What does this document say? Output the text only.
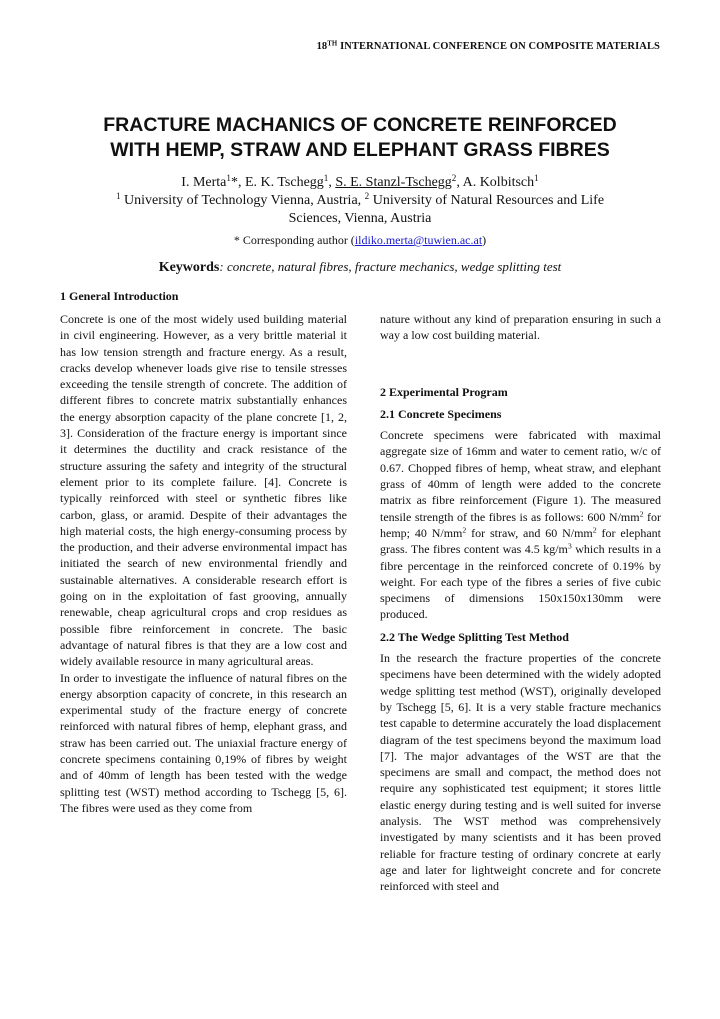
18TH INTERNATIONAL CONFERENCE ON COMPOSITE MATERIALS
FRACTURE MACHANICS OF CONCRETE REINFORCED
WITH HEMP, STRAW AND ELEPHANT GRASS FIBRES
I. Merta$^1$*, E. K. Tschegg$^1$, S. E. Stanzl-Tschegg$^2$, A. Kolbitsch$^1$
$^1$ University of Technology Vienna, Austria, $^2$ University of Natural Resources and Life
Sciences, Vienna, Austria
* Corresponding author (ildiko.merta@tuwien.ac.at)
Keywords: concrete, natural fibres, fracture mechanics, wedge splitting test
1 General Introduction

Concrete is one of the most widely used building material in civil engineering. However, as a very brittle material it has low tension strength and fracture energy. As a result, cracks develop whenever loads give rise to tensile stresses exceeding the tensile strength of concrete. The addition of different fibres to concrete matrix substantially enhances the energy absorption capacity of the plane concrete [1, 2, 3]. Consideration of the fracture energy is important since it determines the ductility and crack resistance of the structure assuring the safety and integrity of the structural element prior to its complete failure. [4]. Concrete is typically reinforced with steel or synthetic fibres like carbon, glass, or aramid. Despite of their advantages the high material costs, the high energy-consuming process by the production, and their adverse environmental impact has initiated the search of new environmental friendly and sustainable alternatives. A considerable research effort is going on in the exploitation of fast grooving, annually renewable, cheap agricultural crops and crop residues as possible fibre reinforcement in concrete. The basic advantage of natural fibres is that they are a low cost and widely available resource in many agricultural areas.

In order to investigate the influence of natural fibres on the energy absorption capacity of concrete, in this research an experimental study of the fracture energy of concrete reinforced with natural fibres of hemp, elephant grass, and straw has been carried out. The uniaxial fracture energy of concrete specimens containing 0,19% of fibres by weight and of 40mm of length has been tested with the wedge splitting test (WST) method according to Tschegg [5, 6]. The fibres were used as they come from

nature without any kind of preparation ensuring in such a way a low cost building material.

2 Experimental Program
2.1 Concrete Specimens

Concrete specimens were fabricated with maximal aggregate size of 16mm and water to cement ratio, w/c of 0.67. Chopped fibres of hemp, wheat straw, and elephant grass of 40mm of length were added to the concrete matrix as fibre reinforcement (Figure 1). The measured tensile strength of the fibres is as follows: 600 $N/mm^2$ for hemp; 40 $N/mm^2$ for straw, and 60 $N/mm^2$ for elephant grass. The fibres content was 4.5 $kg/m^3$ which results in a fibre percentage in the reinforced concrete of 0.19% by weight. For each type of the fibres a series of five cubic specimens of dimensions 150x150x130mm were produced.

2.2 The Wedge Splitting Test Method

In the research the fracture properties of the concrete specimens have been determined with the widely adopted wedge splitting test method (WST), originally developed by Tschegg [5, 6]. It is a very stable fracture mechanics test capable to determine accurately the load displacement diagram of the test specimens beyond the maximum load [7]. The major advantages of the WST are that the specimens are small and compact, the method does not require any sophisticated test equipment; it stores little elastic energy during testing and is well suited for inverse analysis. The WST method was comprehensively investigated by many scientists and it has been proved reliable for fracture testing of ordinary concrete at early age and later for lightweight concrete and for concrete reinforced with steel and
